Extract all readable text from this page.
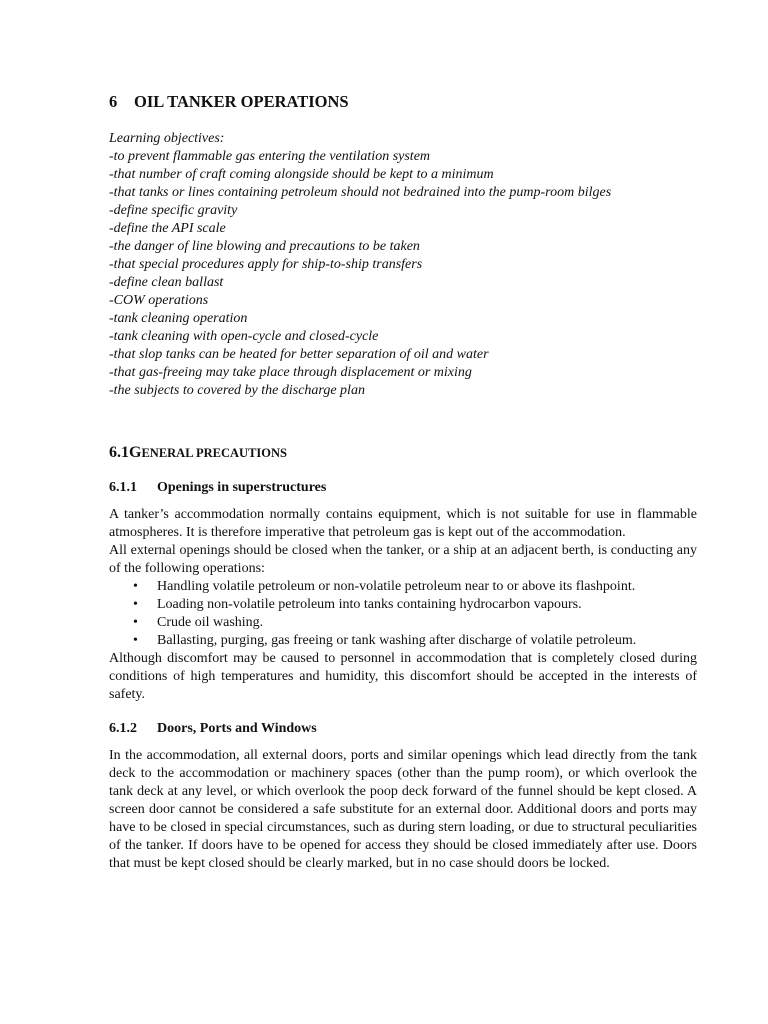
6 OIL TANKER OPERATIONS
Learning objectives:
-to prevent flammable gas entering the ventilation system
-that number of craft coming alongside should be kept to a minimum
-that tanks or lines containing petroleum should not bedrained into the pump-room bilges
-define specific gravity
-define the API scale
-the danger of line blowing and precautions to be taken
-that special procedures apply for ship-to-ship transfers
-define clean ballast
-COW operations
-tank cleaning operation
-tank cleaning with open-cycle and closed-cycle
-that slop tanks can be heated for better separation of oil and water
-that gas-freeing may take place through displacement or mixing
-the subjects to covered by the discharge plan
6.1GENERAL PRECAUTIONS
6.1.1 Openings in superstructures

A tanker’s accommodation normally contains equipment, which is not suitable for use in flammable atmospheres. It is therefore imperative that petroleum gas is kept out of the accommodation.

All external openings should be closed when the tanker, or a ship at an adjacent berth, is conducting any of the following operations:

• Handling volatile petroleum or non-volatile petroleum near to or above its flashpoint.
• Loading non-volatile petroleum into tanks containing hydrocarbon vapours.
• Crude oil washing.
• Ballasting, purging, gas freeing or tank washing after discharge of volatile petroleum.

Although discomfort may be caused to personnel in accommodation that is completely closed during conditions of high temperatures and humidity, this discomfort should be accepted in the interests of safety.

6.1.2 Doors, Ports and Windows

In the accommodation, all external doors, ports and similar openings which lead directly from the tank deck to the accommodation or machinery spaces (other than the pump room), or which overlook the tank deck at any level, or which overlook the poop deck forward of the funnel should be kept closed. A screen door cannot be considered a safe substitute for an external door. Additional doors and ports may have to be closed in special circumstances, such as during stern loading, or due to structural peculiarities of the tanker. If doors have to be opened for access they should be closed immediately after use. Doors that must be kept closed should be clearly marked, but in no case should doors be locked.
